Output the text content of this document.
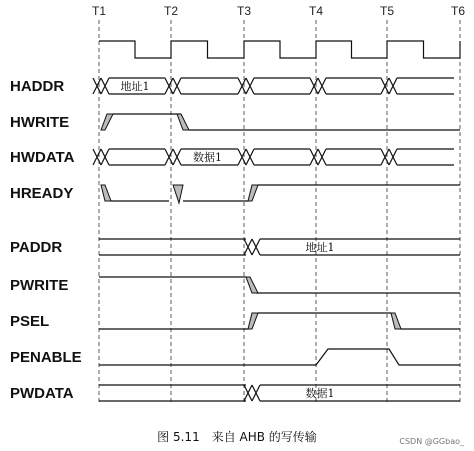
T1	T2	T3	T4	T5	T6
HADDR	地址1
HWRITE
HWDATA	数据1
HREADY
PADDR	地址1
PWRITE
PSEL
PENABLE
PWDATA	数据1
图 5.11　来自 AHB 的写传输	CSDN @GGbao_
